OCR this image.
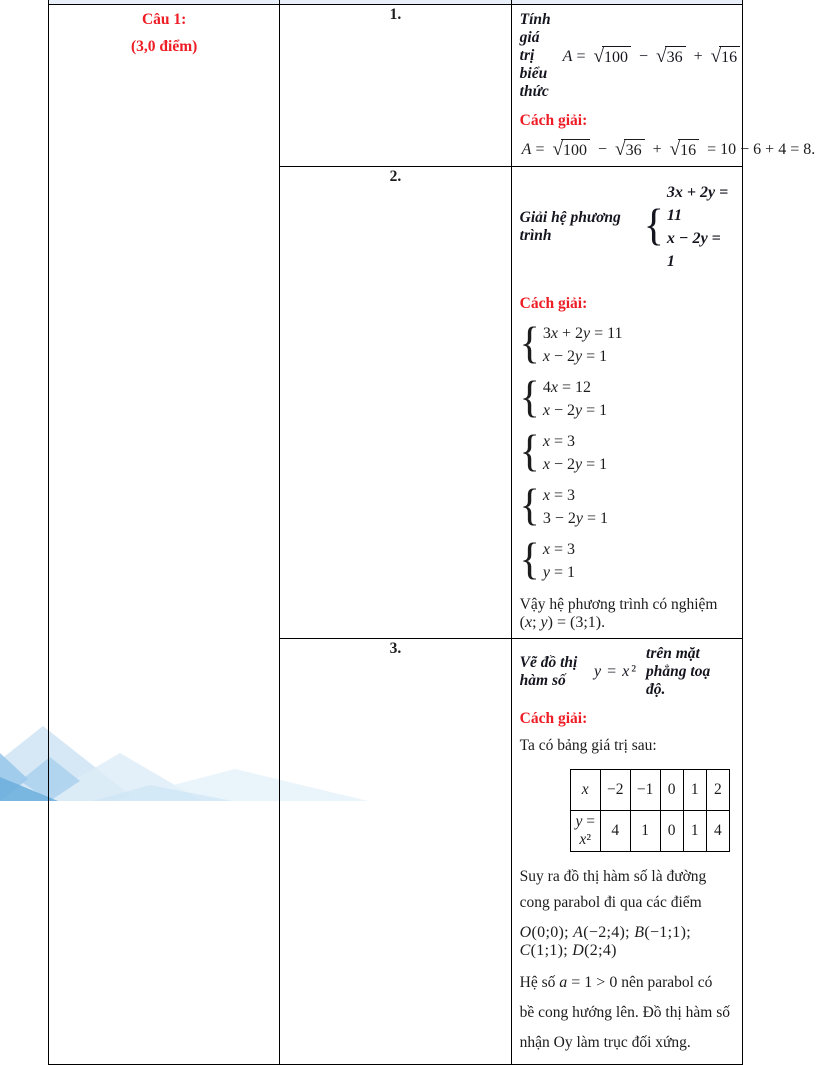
Câu 1:
(3,0 điểm)
	1.	Tính giá trị biểu thức
A = √ 100 − √ 36 + √ 16
Cách giải:
A = √ 100 − √ 36 + √ 16 = 10 − 6 + 4 = 8.

2.	
Giải hệ phương trình	{
3x + 2y = 11
x − 2y = 1
Cách giải:
{ 3x + 2y = 11
x − 2y = 1
{ 4x = 12
x − 2y = 1
{ x = 3
x − 2y = 1
{ x = 3
3 − 2y = 1
{ x = 3
y = 1
Vậy hệ phương trình có nghiệm (x; y) = (3;1).

3.	
Vẽ đồ thị hàm số
y = x ²
trên mặt phẳng toạ độ.
Cách giải:
Ta có bảng giá trị sau:
x	−2	−1	0	1	2
y = x²	4	1	0	1	4
Suy ra đồ thị hàm số là đường cong parabol đi qua các điểm
O(0;0); A(−2;4); B(−1;1); C(1;1); D(2;4)
Hệ số a = 1 > 0 nên parabol có bề cong hướng lên. Đồ thị hàm số nhận Oy làm trục đối xứng.
